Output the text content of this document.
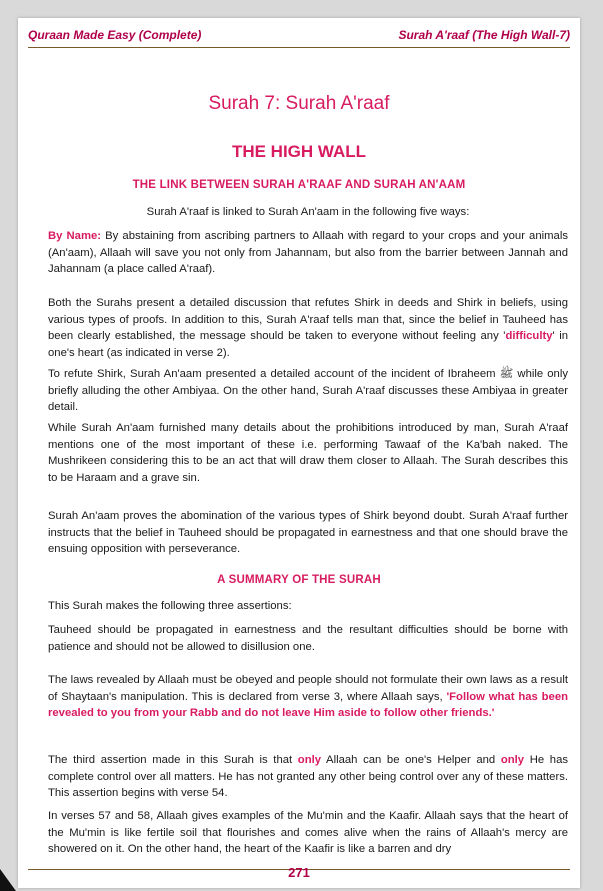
Quraan Made Easy (Complete)	Surah A'raaf (The High Wall-7)
Surah 7: Surah A'raaf
THE HIGH WALL
THE LINK BETWEEN SURAH A'RAAF AND SURAH AN'AAM
Surah A'raaf is linked to Surah An'aam in the following five ways:
By Name: By abstaining from ascribing partners to Allaah with regard to your crops and your animals (An'aam), Allaah will save you not only from Jahannam, but also from the barrier between Jannah and Jahannam (a place called A'raaf).
Both the Surahs present a detailed discussion that refutes Shirk in deeds and Shirk in beliefs, using various types of proofs. In addition to this, Surah A'raaf tells man that, since the belief in Tauheed has been clearly established, the message should be taken to everyone without feeling any 'difficulty' in one's heart (as indicated in verse 2).
To refute Shirk, Surah An'aam presented a detailed account of the incident of Ibraheem ﷺ while only briefly alluding the other Ambiyaa. On the other hand, Surah A'raaf discusses these Ambiyaa in greater detail.
While Surah An'aam furnished many details about the prohibitions introduced by man, Surah A'raaf mentions one of the most important of these i.e. performing Tawaaf of the Ka'bah naked. The Mushrikeen considering this to be an act that will draw them closer to Allaah. The Surah describes this to be Haraam and a grave sin.
Surah An'aam proves the abomination of the various types of Shirk beyond doubt. Surah A'raaf further instructs that the belief in Tauheed should be propagated in earnestness and that one should brave the ensuing opposition with perseverance.
A SUMMARY OF THE SURAH
This Surah makes the following three assertions:
Tauheed should be propagated in earnestness and the resultant difficulties should be borne with patience and should not be allowed to disillusion one.
The laws revealed by Allaah must be obeyed and people should not formulate their own laws as a result of Shaytaan's manipulation. This is declared from verse 3, where Allaah says, 'Follow what has been revealed to you from your Rabb and do not leave Him aside to follow other friends.'
The third assertion made in this Surah is that only Allaah can be one's Helper and only He has complete control over all matters. He has not granted any other being control over any of these matters. This assertion begins with verse 54.
In verses 57 and 58, Allaah gives examples of the Mu'min and the Kaafir. Allaah says that the heart of the Mu'min is like fertile soil that flourishes and comes alive when the rains of Allaah's mercy are showered on it. On the other hand, the heart of the Kaafir is like a barren and dry
271
